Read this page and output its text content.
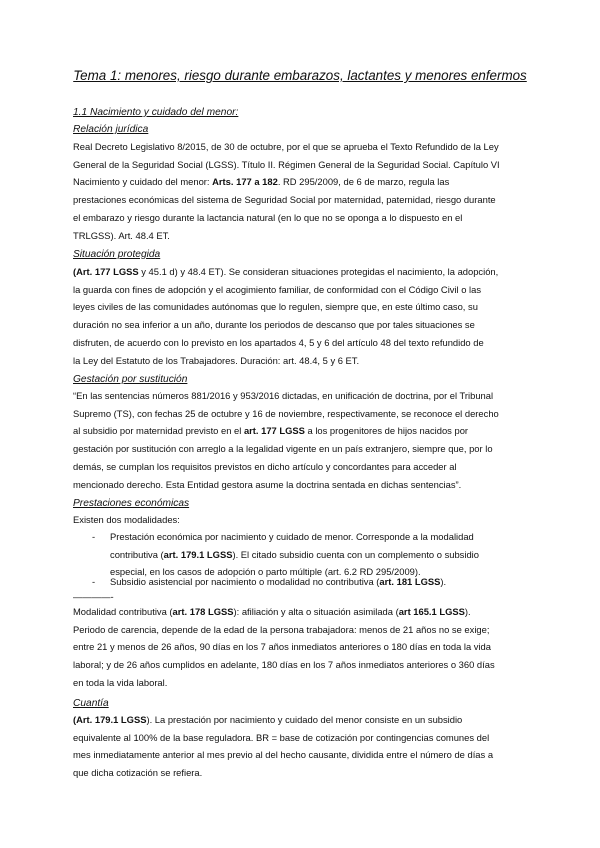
Tema 1: menores, riesgo durante embarazos, lactantes y menores enfermos
1.1 Nacimiento y cuidado del menor:
Relación jurídica

Real Decreto Legislativo 8/2015, de 30 de octubre, por el que se aprueba el Texto Refundido de la Ley

General de la Seguridad Social (LGSS). Título II. Régimen General de la Seguridad Social. Capítulo VI

Nacimiento y cuidado del menor: Arts. 177 a 182. RD 295/2009, de 6 de marzo, regula las

prestaciones económicas del sistema de Seguridad Social por maternidad, paternidad, riesgo durante

el embarazo y riesgo durante la lactancia natural (en lo que no se oponga a lo dispuesto en el

TRLGSS). Art. 48.4 ET.

Situación protegida

(Art. 177 LGSS y 45.1 d) y 48.4 ET). Se consideran situaciones protegidas el nacimiento, la adopción,

la guarda con fines de adopción y el acogimiento familiar, de conformidad con el Código Civil o las

leyes civiles de las comunidades autónomas que lo regulen, siempre que, en este último caso, su

duración no sea inferior a un año, durante los periodos de descanso que por tales situaciones se

disfruten, de acuerdo con lo previsto en los apartados 4, 5 y 6 del artículo 48 del texto refundido de

la Ley del Estatuto de los Trabajadores. Duración: art. 48.4, 5 y 6 ET.

Gestación por sustitución

“En las sentencias números 881/2016 y 953/2016 dictadas, en unificación de doctrina, por el Tribunal

Supremo (TS), con fechas 25 de octubre y 16 de noviembre, respectivamente, se reconoce el derecho

al subsidio por maternidad previsto en el art. 177 LGSS a los progenitores de hijos nacidos por

gestación por sustitución con arreglo a la legalidad vigente en un país extranjero, siempre que, por lo

demás, se cumplan los requisitos previstos en dicho artículo y concordantes para acceder al

mencionado derecho. Esta Entidad gestora asume la doctrina sentada en dichas sentencias”.

Prestaciones económicas

Existen dos modalidades:

- Prestación económica por nacimiento y cuidado de menor. Corresponde a la modalidad

contributiva (art. 179.1 LGSS). El citado subsidio cuenta con un complemento o subsidio

especial, en los casos de adopción o parto múltiple (art. 6.2 RD 295/2009).

- Subsidio asistencial por nacimiento o modalidad no contributiva (art. 181 LGSS).

————-

Modalidad contributiva (art. 178 LGSS): afiliación y alta o situación asimilada (art 165.1 LGSS).

Periodo de carencia, depende de la edad de la persona trabajadora: menos de 21 años no se exige;

entre 21 y menos de 26 años, 90 días en los 7 años inmediatos anteriores o 180 días en toda la vida

laboral; y de 26 años cumplidos en adelante, 180 días en los 7 años inmediatos anteriores o 360 días

en toda la vida laboral.

Cuantía

(Art. 179.1 LGSS). La prestación por nacimiento y cuidado del menor consiste en un subsidio

equivalente al 100% de la base reguladora. BR = base de cotización por contingencias comunes del

mes inmediatamente anterior al mes previo al del hecho causante, dividida entre el número de días a

que dicha cotización se refiera.
